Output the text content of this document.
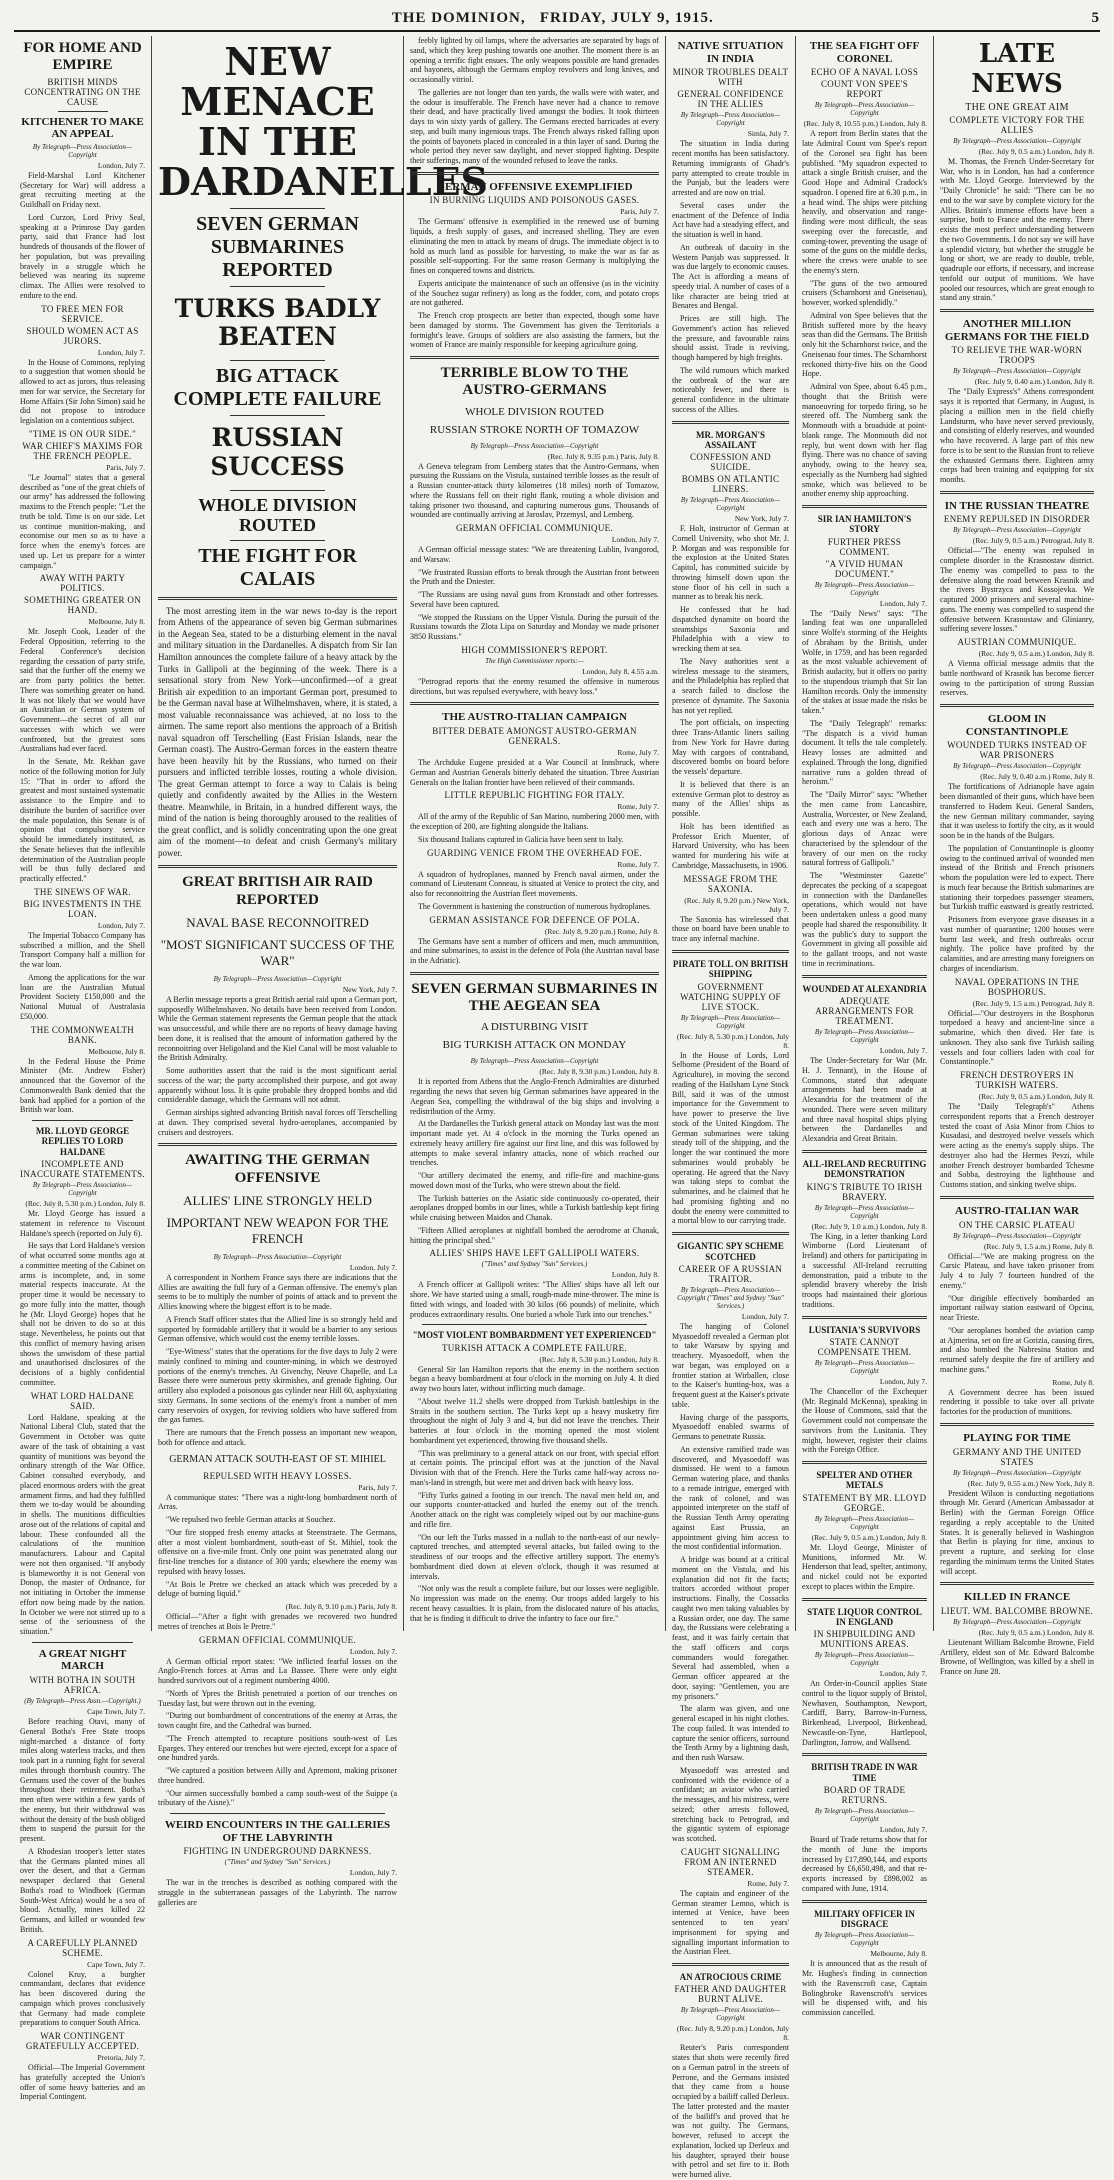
THE DOMINION, FRIDAY, JULY 9, 1915.	5
FOR HOME AND EMPIRE
BRITISH MINDS CONCENTRATING ON THE CAUSE
KITCHENER TO MAKE AN APPEAL
By Telegraph—Press Association—Copyright
London, July 7.

Field-Marshal Lord Kitchener (Secretary for War) will address a great recruiting meeting at the Guildhall on Friday next.

Lord Curzon, Lord Privy Seal, speaking at a Primrose Day garden party, said that France had lost hundreds of thousands of the flower of her population, but was prevailing bravely in a struggle which he believed was nearing its supreme climax. The Allies were resolved to endure to the end.

TO FREE MEN FOR SERVICE.
SHOULD WOMEN ACT AS JURORS.
London, July 7.

In the House of Commons, replying to a suggestion that women should be allowed to act as jurors, thus releasing men for war service, the Secretary for Home Affairs (Sir John Simon) said he did not propose to introduce legislation on a contentious subject.

"TIME IS ON OUR SIDE."
WAR CHIEF'S MAXIMS FOR THE FRENCH PEOPLE.
Paris, July 7.

"Le Journal" states that a general described as "one of the great chiefs of our army" has addressed the following maxims to the French people: "Let the truth be told. Time is on our side. Let us continue munition-making, and economise our men so as to have a force when the enemy's forces are used up. Let us prepare for a winter campaign."

AWAY WITH PARTY POLITICS.
SOMETHING GREATER ON HAND.
Melbourne, July 8.

Mr. Joseph Cook, Leader of the Federal Opposition, referring to the Federal Conference's decision regarding the cessation of party strife, said that the further off the enemy we are from party politics the better. There was something greater on hand. It was not likely that we would have an Australian or German system of Government—the secret of all our successes with which we were confronted, but the greatest sons Australians had ever faced.

In the Senate, Mr. Rekhan gave notice of the following motion for July 15: "That in order to afford the greatest and most sustained systematic assistance to the Empire and to distribute the burden of sacrifice over the male population, this Senate is of opinion that compulsory service should be immediately instituted, as the Senate believes that the inflexible determination of the Australian people will be thus fully declared and practically effected."

THE SINEWS OF WAR.
BIG INVESTMENTS IN THE LOAN.
London, July 7.

The Imperial Tobacco Company has subscribed a million, and the Shell Transport Company half a million for the war loan.

Among the applications for the war loan are the Australian Mutual Provident Society £150,000 and the National Mutual of Australasia £50,000.

THE COMMONWEALTH BANK.
Melbourne, July 8.

In the Federal House the Prime Minister (Mr. Andrew Fisher) announced that the Governor of the Commonwealth Bank denied that the bank had applied for a portion of the British war loan.

MR. LLOYD GEORGE REPLIES TO LORD HALDANE
INCOMPLETE AND INACCURATE STATEMENTS.
By Telegraph—Press Association—Copyright
(Rec. July 8, 5.30 p.m.) London, July 8.

Mr. Lloyd George has issued a statement in reference to Viscount Haldane's speech (reported on July 6).

He says that Lord Haldane's version of what occurred some months ago at a committee meeting of the Cabinet on arms is incomplete, and, in some material respects inaccurate. At the proper time it would be necessary to go more fully into the matter, though he (Mr. Lloyd George) hopes that he shall not be driven to do so at this stage. Nevertheless, he points out that this conflict of memory having arisen shows the unwisdom of these partial and unauthorised disclosures of the decisions of a highly confidential committee.

WHAT LORD HALDANE SAID.

Lord Haldane, speaking at the National Liberal Club, stated that the Government in October was quite aware of the task of obtaining a vast quantity of munitions was beyond the ordinary strength of the War Office. Cabinet consulted everybody, and placed enormous orders with the great armament firms, and had they fulfilled them we to-day would be abounding in shells. The munitions difficulties arose out of the relations of capital and labour. These confounded all the calculations of the munition manufacturers. Labour and Capital were not then organised. "If anybody is blameworthy it is not General von Donop, the master of Ordnance, for not initiating in October the immense effort now being made by the nation. In October we were not stirred up to a sense of the seriousness of the situation."

A GREAT NIGHT MARCH
WITH BOTHA IN SOUTH AFRICA.
(By Telegraph—Press Assn.—Copyright.)
Cape Town, July 7.

Before reaching Otavi, many of General Botha's Free State troops night-marched a distance of forty miles along waterless tracks, and then took part in a running fight for several miles through thornbush country. The Germans used the cover of the bushes throughout their retirement. Botha's men often were within a few yards of the enemy, but their withdrawal was without the density of the bush obliged them to suspend the pursuit for the present.

A Rhodesian trooper's letter states that the Germans planted mines all over the desert, and that a German newspaper declared that General Botha's road to Windhoek (German South-West Africa) would be a sea of blood. Actually, mines killed 22 Germans, and killed or wounded few British.

A CAREFULLY PLANNED SCHEME.
Cape Town, July 7.

Colonel Kruy, a burgher commandant, declares that evidence has been discovered during the campaign which proves conclusively that Germany had made complete preparations to conquer South Africa.

WAR CONTINGENT GRATEFULLY ACCEPTED.
Pretoria, July 7.

Official—The Imperial Government has gratefully accepted the Union's offer of some heavy batteries and an Imperial Contingent.

NEW MENACE IN THE DARDANELLES
SEVEN GERMAN SUBMARINES REPORTED
TURKS BADLY BEATEN
BIG ATTACK COMPLETE FAILURE
RUSSIAN SUCCESS
WHOLE DIVISION ROUTED
THE FIGHT FOR CALAIS

The most arresting item in the war news to-day is the report from Athens of the appearance of seven big German submarines in the Aegean Sea, stated to be a disturbing element in the naval and military situation in the Dardanelles. A dispatch from Sir Ian Hamilton announces the complete failure of a heavy attack by the Turks in Gallipoli at the beginning of the week. There is a sensational story from New York—unconfirmed—of a great British air expedition to an important German port, presumed to be the German naval base at Wilhelmshaven, where, it is stated, a most valuable reconnaissance was achieved, at no loss to the airmen. The same report also mentions the approach of a British naval squadron off Terschelling (East Frisian Islands, near the German coast). The Austro-German forces in the eastern theatre have been heavily hit by the Russians, who turned on their pursuers and inflicted terrible losses, routing a whole division. The great German attempt to force a way to Calais is being quietly and confidently awaited by the Allies in the Western theatre. Meanwhile, in Britain, in a hundred different ways, the mind of the nation is being thoroughly aroused to the realities of the great conflict, and is solidly concentrating upon the one great aim of the moment—to defeat and crush Germany's military power.

GREAT BRITISH AIR RAID REPORTED
NAVAL BASE RECONNOITRED
"MOST SIGNIFICANT SUCCESS OF THE WAR"
By Telegraph—Press Association—Copyright
New York, July 7.

A Berlin message reports a great British aerial raid upon a German port, supposedly Wilhelmshaven. No details have been received from London. While the German statement represents the German people that the attack was unsuccessful, and while there are no reports of heavy damage having been done, it is realised that the amount of information gathered by the reconnoitring over Heligoland and the Kiel Canal will be most valuable to the British Admiralty.

Some authorities assert that the raid is the most significant aerial success of the war; the party accomplished their purpose, and got away apparently without loss. It is quite probable they dropped bombs and did considerable damage, which the Germans will not admit.

German airships sighted advancing British naval forces off Terschelling at dawn. They comprised several hydro-aeroplanes, accompanied by cruisers and destroyers.

AWAITING THE GERMAN OFFENSIVE
ALLIES' LINE STRONGLY HELD
IMPORTANT NEW WEAPON FOR THE FRENCH
By Telegraph—Press Association—Copyright
London, July 7.

A correspondent in Northern France says there are indications that the Allies are awaiting the full fury of a German offensive. The enemy's plan seems to be to multiply the number of points of attack and to prevent the Allies knowing where the biggest effort is to be made.

A French Staff officer states that the Allied line is so strongly held and supported by formidable artillery that it would be a barrier to any serious German offensive, which would cost the enemy terrible losses.

"Eye-Witness" states that the operations for the five days to July 2 were mainly confined to mining and counter-mining, in which we destroyed portions of the enemy's trenches. At Givenchy, Neuve Chapelle, and La Bassee there were numerous petty skirmishes, and grenade fighting. Our artillery also exploded a poisonous gas cylinder near Hill 60, asphyxiating sixty Germans. In some sections of the enemy's front a number of men carry reservoirs of oxygen, for reviving soldiers who have suffered from the gas fumes.

There are rumours that the French possess an important new weapon, both for offence and attack.

GERMAN ATTACK SOUTH-EAST OF ST. MIHIEL
REPULSED WITH HEAVY LOSSES.
Paris, July 7.

A communique states: "There was a night-long bombardment north of Arras.

"We repulsed two feeble German attacks at Souchez.

"Our fire stopped fresh enemy attacks at Steenstraete. The Germans, after a most violent bombardment, south-east of St. Mihiel, took the offensive on a five-mile front. Only one point was penetrated along our first-line trenches for a distance of 300 yards; elsewhere the enemy was repulsed with heavy losses.

"At Bois le Pretre we checked an attack which was preceded by a deluge of burning liquid."

(Rec. July 8, 9.10 p.m.) Paris, July 8.

Official—"After a fight with grenades we recovered two hundred metres of trenches at Bois le Pretre."

GERMAN OFFICIAL COMMUNIQUE.
London, July 7.

A German official report states: "We inflicted fearful losses on the Anglo-French forces at Arras and La Bassee. There were only eight hundred survivors out of a regiment numbering 4000.

"North of Ypres the British penetrated a portion of our trenches on Tuesday last, but were thrown out in the evening.

"During our bombardment of concentrations of the enemy at Arras, the town caught fire, and the Cathedral was burned.

"The French attempted to recapture positions south-west of Les Eparges. They entered our trenches but were ejected, except for a space of one hundred yards.

"We captured a position between Ailly and Apremont, making prisoner three hundred.

"Our airmen successfully bombed a camp south-west of the Suippe (a tributary of the Aisne)."

WEIRD ENCOUNTERS IN THE GALLERIES OF THE LABYRINTH
FIGHTING IN UNDERGROUND DARKNESS.
("Times" and Sydney "Sun" Services.)
London, July 7.

The war in the trenches is described as nothing compared with the struggle in the subterranean passages of the Labyrinth. The narrow galleries are

feebly lighted by oil lamps, where the adversaries are separated by bags of sand, which they keep pushing towards one another. The moment there is an opening a terrific fight ensues. The only weapons possible are hand grenades and bayonets, although the Germans employ revolvers and long knives, and occasionally vitriol.

The galleries are not longer than ten yards, the walls were with water, and the odour is insufferable. The French have never had a chance to remove their dead, and have practically lived amongst the bodies. It took thirteen days to win sixty yards of gallery. The Germans erected barricades at every step, and built many ingenious traps. The French always risked falling upon the points of bayonets placed in concealed in a thin layer of sand. During the whole period they never saw daylight, and never stopped fighting. Despite their sufferings, many of the wounded refused to leave the ranks.

GERMAN OFFENSIVE EXEMPLIFIED
IN BURNING LIQUIDS AND POISONOUS GASES.
Paris, July 7.

The Germans' offensive is exemplified in the renewed use of burning liquids, a fresh supply of gases, and increased shelling. They are even eliminating the men to attack by means of drugs. The immediate object is to hold as much land as possible for harvesting, to make the war as far as possible self-supporting. For the same reason Germany is multiplying the fines on conquered towns and districts.

Experts anticipate the maintenance of such an offensive (as in the vicinity of the Souchez sugar refinery) as long as the fodder, corn, and potato crops are not gathered.

The French crop prospects are better than expected, though some have been damaged by storms. The Government has given the Territorials a fortnight's leave. Groups of soldiers are also assisting the farmers, but the women of France are mainly responsible for keeping agriculture going.

TERRIBLE BLOW TO THE AUSTRO-GERMANS
WHOLE DIVISION ROUTED
RUSSIAN STROKE NORTH OF TOMAZOW
By Telegraph—Press Association—Copyright
(Rec. July 8, 9.35 p.m.) Paris, July 8.

A Geneva telegram from Lemberg states that the Austro-Germans, when pursuing the Russians on the Vistula, sustained terrible losses as the result of a Russian counter-attack thirty kilometres (18 miles) north of Tomazow, where the Russians fell on their right flank, routing a whole division and taking prisoner two thousand, and capturing numerous guns. Thousands of wounded are continually arriving at Jaroslav, Przemysl, and Lemberg.

GERMAN OFFICIAL COMMUNIQUE.
London, July 7.

A German official message states: "We are threatening Lublin, Ivangorod, and Warsaw.

"We frustrated Russian efforts to break through the Austrian front between the Pruth and the Dniester.

"The Russians are using naval guns from Kronstadt and other fortresses. Several have been captured.

"We stopped the Russians on the Upper Vistula. During the pursuit of the Russians towards the Zlota Lipa on Saturday and Monday we made prisoner 3850 Russians."

HIGH COMMISSIONER'S REPORT.
The High Commissioner reports:—
London, July 8, 4.55 a.m.

"Petrograd reports that the enemy resumed the offensive in numerous directions, but was repulsed everywhere, with heavy loss."

THE AUSTRO-ITALIAN CAMPAIGN
BITTER DEBATE AMONGST AUSTRO-GERMAN GENERALS.
Rome, July 7.

The Archduke Eugene presided at a War Council at Innsbruck, where German and Austrian Generals bitterly debated the situation. Three Austrian Generals on the Italian frontier have been relieved of their commands.

LITTLE REPUBLIC FIGHTING FOR ITALY.
Rome, July 7.

All of the army of the Republic of San Marino, numbering 2000 men, with the exception of 200, are fighting alongside the Italians.

Six thousand Italians captured in Galicia have been sent to Italy.

GUARDING VENICE FROM THE OVERHEAD FOE.
Rome, July 7.

A squadron of hydroplanes, manned by French naval airmen, under the command of Lieutenant Conneau, is situated at Venice to protect the city, and also for reconnoitring the Austrian fleet movements.

The Government is hastening the construction of numerous hydroplanes.

GERMAN ASSISTANCE FOR DEFENCE OF POLA.
(Rec. July 8, 9.20 p.m.) Rome, July 8.

The Germans have sent a number of officers and men, much ammunition, and mine submarines, to assist in the defence of Pola (the Austrian naval base in the Adriatic).

SEVEN GERMAN SUBMARINES IN THE AEGEAN SEA
A DISTURBING VISIT
BIG TURKISH ATTACK ON MONDAY
By Telegraph—Press Association—Copyright
(Rec. July 8, 9.30 p.m.) London, July 8.

It is reported from Athens that the Anglo-French Admiralties are disturbed regarding the news that seven big German submarines have appeared in the Aegean Sea, compelling the withdrawal of the big ships and involving a redistribution of the Army.

At the Dardanelles the Turkish general attack on Monday last was the most important made yet. At 4 o'clock in the morning the Turks opened an extremely heavy artillery fire against our first line, and this was followed by attempts to make several infantry attacks, none of which reached our trenches.

"Our artillery decimated the enemy, and rifle-fire and machine-guns mowed down most of the Turks, who were strewn about the field.

The Turkish batteries on the Asiatic side continuously co-operated, their aeroplanes dropped bombs in our lines, while a Turkish battleship kept firing while cruising between Maidos and Chanak.

"Fifteen Allied aeroplanes at nightfall bombed the aerodrome at Chanak, hitting the principal shed."

ALLIES' SHIPS HAVE LEFT GALLIPOLI WATERS.
("Times" and Sydney "Sun" Services.)
London, July 8.

A French officer at Gallipoli writes: "The Allies' ships have all left our shore. We have started using a small, rough-made mine-thrower. The mine is fitted with wings, and loaded with 30 kilos (66 pounds) of melinite, which produces extraordinary results. One buried a whole Turk into our trenches."

"MOST VIOLENT BOMBARDMENT YET EXPERIENCED"
TURKISH ATTACK A COMPLETE FAILURE.
(Rec. July 8, 5.30 p.m.) London, July 8.

General Sir Ian Hamilton reports that the enemy in the northern section began a heavy bombardment at four o'clock in the morning on July 4. It died away two hours later, without inflicting much damage.

"About twelve 11.2 shells were dropped from Turkish battleships in the Straits in the southern section. The Turks kept up a heavy musketry fire throughout the night of July 3 and 4, but did not leave the trenches. Their batteries at four o'clock in the morning opened the most violent bombardment yet experienced, throwing five thousand shells.

"This was preliminary to a general attack on our front, with special effort at certain points. The principal effort was at the junction of the Naval Division with that of the French. Here the Turks came half-way across no-man's-land in strength, but were met and driven back with heavy loss.

"Fifty Turks gained a footing in our trench. The naval men held on, and our supports counter-attacked and hurled the enemy out of the trench. Another attack on the right was completely wiped out by our machine-guns and rifle fire.

"On our left the Turks massed in a nullah to the north-east of our newly-captured trenches, and attempted several attacks, but failed owing to the steadiness of our troops and the effective artillery support. The enemy's bombardment died down at eleven o'clock, though it was resumed at intervals.

"Not only was the result a complete failure, but our losses were negligible. No impression was made on the enemy. Our troops added largely to his recent heavy casualties. It is plain, from the dislocated nature of his attacks, that he is finding it difficult to drive the infantry to face our fire."

NATIVE SITUATION IN INDIA
MINOR TROUBLES DEALT WITH
GENERAL CONFIDENCE IN THE ALLIES
By Telegraph—Press Association—Copyright
Simla, July 7.

The situation in India during recent months has been satisfactory. Returning immigrants of Ghadr's party attempted to create trouble in the Punjab, but the leaders were arrested and are now on trial.

Several cases under the enactment of the Defence of India Act have had a steadying effect, and the situation is well in hand.

An outbreak of dacoity in the Western Punjab was suppressed. It was due largely to economic causes. The Act is affording a means of speedy trial. A number of cases of a like character are being tried at Benares and Bengal.

Prices are still high. The Government's action has relieved the pressure, and favourable rains should assist. Trade is reviving, though hampered by high freights.

The wild rumours which marked the outbreak of the war are noticeably fewer, and there is general confidence in the ultimate success of the Allies.

MR. MORGAN'S ASSAILANT
CONFESSION AND SUICIDE.
BOMBS ON ATLANTIC LINERS.
By Telegraph—Press Association—Copyright
New York, July 7.

F. Holt, instructor of German at Cornell University, who shot Mr. J. P. Morgan and was responsible for the explosion at the United States Capitol, has committed suicide by throwing himself down upon the stone floor of his cell in such a manner as to break his neck.

He confessed that he had dispatched dynamite on board the steamships Saxonia and Philadelphia with a view to wrecking them at sea.

The Navy authorities sent a wireless message to the steamers, and the Philadelphia has replied that a search failed to disclose the presence of dynamite. The Saxonia has not yet replied.

The port officials, on inspecting three Trans-Atlantic liners sailing from New York for Havre during May with cargoes of contraband, discovered bombs on board before the vessels' departure.

It is believed that there is an extensive German plot to destroy as many of the Allies' ships as possible.

Holt has been identified as Professor Erich Muenter, of Harvard University, who has been wanted for murdering his wife at Cambridge, Massachusetts, in 1906.

MESSAGE FROM THE SAXONIA.
(Rec. July 8, 9.20 p.m.) New York, July 7.

The Saxonia has wirelessed that those on board have been unable to trace any infernal machine.

PIRATE TOLL ON BRITISH SHIPPING
GOVERNMENT WATCHING SUPPLY OF LIVE STOCK.
By Telegraph—Press Association—Copyright
(Rec. July 8, 5.30 p.m.) London, July 8.

In the House of Lords, Lord Selborne (President of the Board of Agriculture), in moving the second reading of the Hailsham Lyne Stock Bill, said it was of the utmost importance for the Government to have power to preserve the live stock of the United Kingdom. The German submarines were taking steady toll of the shipping, and the longer the war continued the more submarines would probably be operating. He agreed that the Navy was taking steps to combat the submarines, and he claimed that he had promising fighting and no doubt the enemy were committed to a mortal blow to our carrying trade.

GIGANTIC SPY SCHEME SCOTCHED
CAREER OF A RUSSIAN TRAITOR.
By Telegraph—Press Association—Copyright ("Times" and Sydney "Sun" Services.)
London, July 7.

The hanging of Colonel Myasoedoff revealed a German plot to take Warsaw by spying and treachery. Myasoedoff, when the war began, was employed on a frontier station at Wirballen, close to the Kaiser's hunting-box, was a frequent guest at the Kaiser's private table.

Having charge of the passports, Myasoedoff enabled swarms of Germans to penetrate Russia.

An extensive ramified trade was discovered, and Myasoedoff was dismissed. He went to a famous German watering place, and thanks to a remade intrigue, emerged with the rank of colonel, and was appointed interpreter on the staff of the Russian Tenth Army operating against East Prussia, an appointment giving him access to the most confidential information.

A bridge was bound at a critical moment on the Vistula, and his explanation did not fit the facts; traitors accorded without proper instructions. Finally, the Cossacks caught two men taking valuables by a Russian order, one day. The same day, the Russians were celebrating a feast, and it was fairly certain that the staff officers and corps commanders would foregather. Several had assembled, when a German officer appeared at the door, saying: "Gentlemen, you are my prisoners."

The alarm was given, and one general escaped in his night clothes. The coup failed. It was intended to capture the senior officers, surround the Tenth Army by a lightning dash, and then rush Warsaw.

Myasoedoff was arrested and confronted with the evidence of a confidant; an aviator who carried the messages, and his mistress, were seized; other arrests followed, stretching back to Petrograd, and the gigantic system of espionage was scotched.

CAUGHT SIGNALLING FROM AN INTERNED STEAMER.
Rome, July 7.

The captain and engineer of the German steamer Lemno, which is interned at Venice, have been sentenced to ten years' imprisonment for spying and signalling important information to the Austrian Fleet.

AN ATROCIOUS CRIME
FATHER AND DAUGHTER BURNT ALIVE.
By Telegraph—Press Association—Copyright
(Rec. July 8, 9.20 p.m.) London, July 8.

Reuter's Paris correspondent states that shots were recently fired on a German patrol in the streets of Perrone, and the Germans insisted that they came from a house occupied by a bailiff called Derleux. The latter protested and the master of the bailiff's and proved that he was not guilty. The Germans, however, refused to accept the explanation, locked up Derleux and his daughter, sprayed their house with petrol and set fire to it. Both were burned alive.

THE SEA FIGHT OFF CORONEL
ECHO OF A NAVAL LOSS
COUNT VON SPEE'S REPORT
By Telegraph—Press Association—Copyright
(Rec. July 8, 10.55 p.m.) London, July 8.

A report from Berlin states that the late Admiral Count von Spee's report of the Coronel sea fight has been published. "My squadron expected to attack a single British cruiser, and the Good Hope and Admiral Cradock's squadron. I opened fire at 6.30 p.m., in a head wind. The ships were pitching heavily, and observation and range-finding were most difficult, the seas sweeping over the forecastle, and coming-tower, preventing the usage of some of the guns on the middle decks, where the crews were unable to see the enemy's stern.

"The guns of the two armoured cruisers (Scharnhorst and Gneisenau), however, worked splendidly."

Admiral von Spee believes that the British suffered more by the heavy seas than did the Germans. The British only hit the Scharnhorst twice, and the Gneisenau four times. The Scharnhorst reckoned thirty-five hits on the Good Hope.

Admiral von Spee, about 6.45 p.m., thought that the British were manoeuvring for torpedo firing, so he steered off. The Nurnberg sank the Monmouth with a broadside at point-blank range. The Monmouth did not reply, but went down with her flag flying. There was no chance of saving anybody, owing to the heavy sea, especially as the Nurnberg had sighted smoke, which was believed to be another enemy ship approaching.

SIR IAN HAMILTON'S STORY
FURTHER PRESS COMMENT.
"A VIVID HUMAN DOCUMENT."
By Telegraph—Press Association—Copyright
London, July 7.

The "Daily News" says: "The landing feat was one unparalleled since Wolfe's storming of the Heights of Abraham by the British, under Wolfe, in 1759, and has been regarded as the most valuable achievement of British audacity, but it offers no parity to the stupendous triumph that Sir Ian Hamilton records. Only the immensity of the stakes at issue made the risks be taken."

The "Daily Telegraph" remarks: "The dispatch is a vivid human document. It tells the tale completely. Heavy losses are admitted and explained. Through the long, dignified narrative runs a golden thread of heroism."

The "Daily Mirror" says: "Whether the men came from Lancashire, Australia, Worcester, or New Zealand, each and every one was a hero. The glorious days of Anzac were characterised by the splendour of the bravery of our men on the rocky natural fortress of Gallipoli."

The "Westminster Gazette" deprecates the pecking of a scapegoat in connection with the Dardanelles operations, which would not have been undertaken unless a good many people had shared the responsibility. It was the public's duty to support the Government in giving all possible aid to the gallant troops, and not waste time in recriminations.

WOUNDED AT ALEXANDRIA
ADEQUATE ARRANGEMENTS FOR TREATMENT.
By Telegraph—Press Association—Copyright
London, July 7.

The Under-Secretary for War (Mr. H. J. Tennant), in the House of Commons, stated that adequate arrangements had been made at Alexandria for the treatment of the wounded. There were seven military and three naval hospital ships plying between the Dardanelles and Alexandria and Great Britain.

ALL-IRELAND RECRUITING DEMONSTRATION
KING'S TRIBUTE TO IRISH BRAVERY.
By Telegraph—Press Association—Copyright
(Rec. July 9, 1.0 a.m.) London, July 8.

The King, in a letter thanking Lord Wimborne (Lord Lieutenant of Ireland) and others for participating in a successful All-Ireland recruiting demonstration, paid a tribute to the splendid bravery whereby the Irish troops had maintained their glorious traditions.

LUSITANIA'S SURVIVORS
STATE CANNOT COMPENSATE THEM.
By Telegraph—Press Association—Copyright
London, July 7.

The Chancellor of the Exchequer (Mr. Reginald McKenna), speaking in the House of Commons, said that the Government could not compensate the survivors from the Lusitania. They might, however, register their claims with the Foreign Office.

SPELTER AND OTHER METALS
STATEMENT BY MR. LLOYD GEORGE.
By Telegraph—Press Association—Copyright
(Rec. July 9, 0.5 a.m.) London, July 8.

Mr. Lloyd George, Minister of Munitions, informed Mr. W. Henderson that lead, spelter, antimony, and nickel could not be exported except to places within the Empire.

STATE LIQUOR CONTROL IN ENGLAND
IN SHIPBUILDING AND MUNITIONS AREAS.
By Telegraph—Press Association—Copyright
London, July 7.

An Order-in-Council applies State control to the liquor supply of Bristol, Newhaven, Southampton, Newport, Cardiff, Barry, Barrow-in-Furness, Birkenhead, Liverpool, Birkenhead, Newcastle-on-Tyne, Hartlepool, Darlington, Jarrow, and Wallsend.

BRITISH TRADE IN WAR TIME
BOARD OF TRADE RETURNS.
By Telegraph—Press Association—Copyright
London, July 7.

Board of Trade returns show that for the month of June the imports increased by £17,890,144, and exports decreased by £6,650,498, and that re-exports increased by £898,002 as compared with June, 1914.

MILITARY OFFICER IN DISGRACE
By Telegraph—Press Association—Copyright
Melbourne, July 8.

It is announced that as the result of Mr. Hughes's finding in connection with the Ravenscroft case, Captain Bolingbroke Ravenscroft's services will be dispensed with, and his commission cancelled.

LATE NEWS
THE ONE GREAT AIM
COMPLETE VICTORY FOR THE ALLIES
By Telegraph—Press Association—Copyright
(Rec. July 9, 0.5 a.m.) London, July 8.

M. Thomas, the French Under-Secretary for War, who is in London, has had a conference with Mr. Lloyd George. Interviewed by the "Daily Chronicle" he said: "There can be no end to the war save by complete victory for the Allies. Britain's immense efforts have been a surprise, both to France and the enemy. There exists the most perfect understanding between the two Governments. I do not say we will have a splendid victory, but whether the struggle be long or short, we are ready to double, treble, quadruple our efforts, if necessary, and increase tenfold our output of munitions. We have pooled our resources, which are great enough to stand any strain."

ANOTHER MILLION GERMANS FOR THE FIELD
TO RELIEVE THE WAR-WORN TROOPS
By Telegraph—Press Association—Copyright
(Rec. July 9, 0.40 a.m.) London, July 8.

The "Daily Express's" Athens correspondent says it is reported that Germany, in August, is placing a million men in the field chiefly Landsturm, who have never served previously, and consisting of elderly reserves, and wounded who have recovered. A large part of this new force is to be sent to the Russian front to relieve the exhausted Germans there. Eighteen army corps had been training and equipping for six months.

IN THE RUSSIAN THEATRE
ENEMY REPULSED IN DISORDER
By Telegraph—Press Association—Copyright
(Rec. July 9, 0.5 a.m.) Petrograd, July 8.

Official—"The enemy was repulsed in complete disorder in the Krasnostaw district. The enemy was compelled to pass to the defensive along the road between Krasnik and the rivers Bystrzyca and Kossojevka. We captured 2000 prisoners and several machine-guns. The enemy was compelled to suspend the offensive between Krasnostaw and Glinianry, suffering severe losses."

AUSTRIAN COMMUNIQUE.
(Rec. July 9, 0.5 a.m.) London, July 8.

A Vienna official message admits that the battle northward of Krasnik has become fiercer owing to the participation of strong Russian reserves.

GLOOM IN CONSTANTINOPLE
WOUNDED TURKS INSTEAD OF WAR PRISONERS
By Telegraph—Press Association—Copyright
(Rec. July 9, 0.40 a.m.) Rome, July 8.

The fortifications of Adrianople have again been dismantled of their guns, which have been transferred to Hadem Keui. General Sanders, the new German military commander, saying that it was useless to fortify the city, as it would soon be in the hands of the Bulgars.

The population of Constantinople is gloomy owing to the continued arrival of wounded men instead of the British and French prisoners whom the population were led to expect. There is much fear because the British submarines are stationing their torpedoes passenger steamers, but Turkish traffic eastward is greatly restricted.

Prisoners from everyone grave diseases in a vast number of quarantine; 1200 houses were burnt last week, and fresh outbreaks occur nightly. The police have profited by the calamities, and are arresting many foreigners on charges of incendiarism.

NAVAL OPERATIONS IN THE BOSPHORUS.
(Rec. July 9, 1.5 a.m.) Petrograd, July 8.

Official—"Our destroyers in the Bosphorus torpedoed a heavy and ancient-line since a submarine, which then dived. Her fate is unknown. They also sank five Turkish sailing vessels and four colliers laden with coal for Constantinople."

FRENCH DESTROYERS IN TURKISH WATERS.
(Rec. July 9, 0.5 a.m.) London, July 8.

The "Daily Telegraph's" Athens correspondent reports that a French destroyer tested the coast of Asia Minor from Chios to Kusadasi, and destroyed twelve vessels which were acting as the enemy's supply ships. The destroyer also had the Hermes Pevzi, while another French destroyer bombarded Tchesme and Sobba, destroying the lighthouse and Customs station, and sinking twelve ships.

AUSTRO-ITALIAN WAR
ON THE CARSIC PLATEAU
By Telegraph—Press Association—Copyright
(Rec. July 9, 1.5 a.m.) Rome, July 8.

Official—"We are making progress on the Carsic Plateau, and have taken prisoner from July 4 to July 7 fourteen hundred of the enemy."

"Our dirigible effectively bombarded an important railway station eastward of Opcina, near Trieste.

"Our aeroplanes bombed the aviation camp at Ajmerina, set on fire at Gorizia, causing fires, and also bombed the Nabresina Station and returned safely despite the fire of artillery and machine guns."

Rome, July 8.

A Government decree has been issued rendering it possible to take over all private factories for the production of munitions.

PLAYING FOR TIME
GERMANY AND THE UNITED STATES
By Telegraph—Press Association—Copyright
(Rec. July 9, 0.55 a.m.) New York, July 8.

President Wilson is conducting negotiations through Mr. Gerard (American Ambassador at Berlin) with the German Foreign Office regarding a reply acceptable to the United States. It is generally believed in Washington that Berlin is playing for time, anxious to prevent a rupture, and seeking for close regarding the minimum terms the United States will accept.

KILLED IN FRANCE
LIEUT. WM. BALCOMBE BROWNE.
By Telegraph—Press Association—Copyright
(Rec. July 9, 0.5 a.m.) London, July 8.

Lieutenant William Balcombe Browne, Field Artillery, eldest son of Mr. Edward Balcombe Browne, of Wellington, was killed by a shell in France on June 28.
